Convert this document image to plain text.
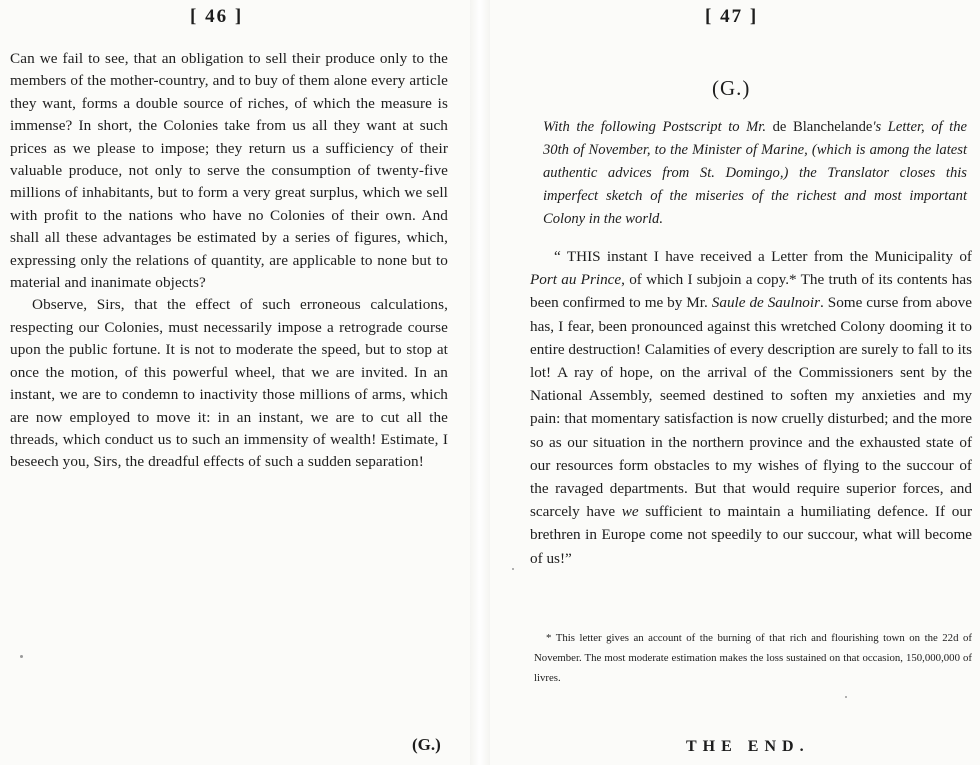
[ 46 ]

Can we fail to see, that an obligation to sell their produce only to the members of the mother-country, and to buy of them alone every article they want, forms a double source of riches, of which the measure is immense? In short, the Colonies take from us all they want at such prices as we please to impose; they return us a sufficiency of their valuable produce, not only to serve the consumption of twenty-five millions of inhabitants, but to form a very great surplus, which we sell with profit to the nations who have no Colonies of their own. And shall all these advantages be estimated by a series of figures, which, expressing only the relations of quantity, are applicable to none but to material and inanimate objects?

Observe, Sirs, that the effect of such erroneous calculations, respecting our Colonies, must necessarily impose a retrograde course upon the public fortune. It is not to moderate the speed, but to stop at once the motion, of this powerful wheel, that we are invited. In an instant, we are to condemn to inactivity those millions of arms, which are now employed to move it: in an instant, we are to cut all the threads, which conduct us to such an immensity of wealth! Estimate, I beseech you, Sirs, the dreadful effects of such a sudden separation!

(G.)
[ 47 ]
(G.)
With the following Postscript to Mr. de Blanchelande's Letter, of the 30th of November, to the Minister of Marine, (which is among the latest authentic advices from St. Domingo,) the Translator closes this imperfect sketch of the miseries of the richest and most important Colony in the world.

“ THIS instant I have received a Letter from the Municipality of Port au Prince, of which I subjoin a copy.* The truth of its contents has been confirmed to me by Mr. Saule de Saulnoir. Some curse from above has, I fear, been pronounced against this wretched Colony dooming it to entire destruction! Calamities of every description are surely to fall to its lot! A ray of hope, on the arrival of the Commissioners sent by the National Assembly, seemed destined to soften my anxieties and my pain: that momentary satisfaction is now cruelly disturbed; and the more so as our situation in the northern province and the exhausted state of our resources form obstacles to my wishes of flying to the succour of the ravaged departments. But that would require superior forces, and scarcely have we sufficient to maintain a humiliating defence. If our brethren in Europe come not speedily to our succour, what will become of us!”

* This letter gives an account of the burning of that rich and flourishing town on the 22d of November. The most moderate estimation makes the loss sustained on that occasion, 150,000,000 of livres.
THE END.
